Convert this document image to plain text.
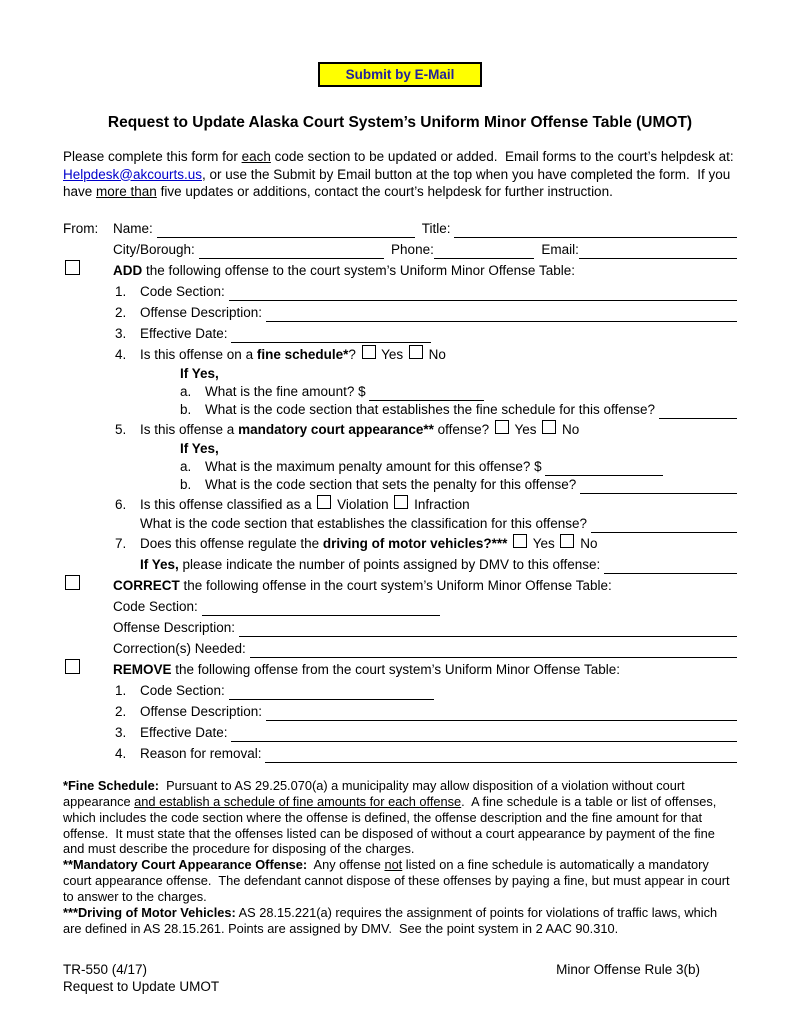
Submit by E-Mail
Request to Update Alaska Court System’s Uniform Minor Offense Table (UMOT)

Please complete this form for each code section to be updated or added.  Email forms to the court’s helpdesk at:  Helpdesk@akcourts.us, or use the Submit by Email button at the top when you have completed the form.  If you have more than five updates or additions, contact the court’s helpdesk for further instruction.

From:	Name:	Title:
City/Borough:	Phone:	Email:
ADD the following offense to the court system’s Uniform Minor Offense Table:
1.	Code Section:
2.	Offense Description:
3.	Effective Date:
4.	Is this offense on a fine schedule* ? Yes No
If Yes,
a.	What is the fine amount? $
b.	What is the code section that establishes the fine schedule for this offense?
5.	Is this offense a mandatory court appearance** offense? Yes No
If Yes,
a.	What is the maximum penalty amount for this offense? $
b.	What is the code section that sets the penalty for this offense?
6.	Is this offense classified as a Violation Infraction
What is the code section that establishes the classification for this offense?
7.	Does this offense regulate the driving of motor vehicles?***
Yes No
If Yes, please indicate the number of points assigned by DMV to this offense:
CORRECT the following offense in the court system’s Uniform Minor Offense Table:
Code Section:
Offense Description:
Correction(s) Needed:
REMOVE the following offense from the court system’s Uniform Minor Offense Table:
1.	Code Section:
2.	Offense Description:
3.	Effective Date:
4.	Reason for removal:

*Fine Schedule:  Pursuant to AS 29.25.070(a) a municipality may allow disposition of a violation without court appearance and establish a schedule of fine amounts for each offense.  A fine schedule is a table or list of offenses, which includes the code section where the offense is defined, the offense description and the fine amount for that offense.  It must state that the offenses listed can be disposed of without a court appearance by payment of the fine and must describe the procedure for disposing of the charges.

**Mandatory Court Appearance Offense:  Any offense not listed on a fine schedule is automatically a mandatory court appearance offense.  The defendant cannot dispose of these offenses by paying a fine, but must appear in court to answer to the charges.

***Driving of Motor Vehicles: AS 28.15.221(a) requires the assignment of points for violations of traffic laws, which are defined in AS 28.15.261. Points are assigned by DMV.  See the point system in 2 AAC 90.310.

TR-550 (4/17)
Request to Update UMOT
Minor Offense Rule 3(b)
